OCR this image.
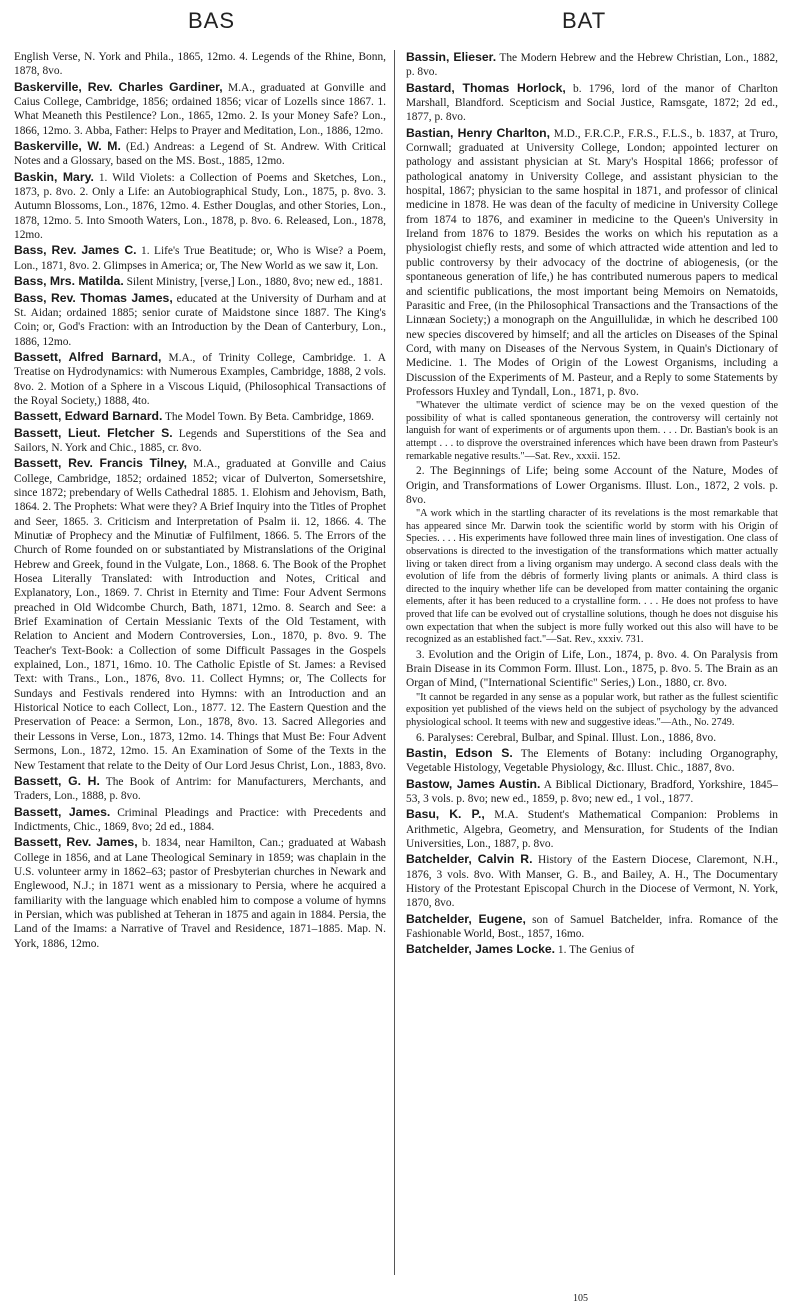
BAS	BAT

English Verse, N. York and Phila., 1865, 12mo. 4. Legends of the Rhine, Bonn, 1878, 8vo.

Baskerville, Rev. Charles Gardiner, M.A., graduated at Gonville and Caius College, Cambridge, 1856; ordained 1856; vicar of Lozells since 1867. 1. What Meaneth this Pestilence? Lon., 1865, 12mo. 2. Is your Money Safe? Lon., 1866, 12mo. 3. Abba, Father: Helps to Prayer and Meditation, Lon., 1886, 12mo.

Baskerville, W. M. (Ed.) Andreas: a Legend of St. Andrew. With Critical Notes and a Glossary, based on the MS. Bost., 1885, 12mo.

Baskin, Mary. 1. Wild Violets: a Collection of Poems and Sketches, Lon., 1873, p. 8vo. 2. Only a Life: an Autobiographical Study, Lon., 1875, p. 8vo. 3. Autumn Blossoms, Lon., 1876, 12mo. 4. Esther Douglas, and other Stories, Lon., 1878, 12mo. 5. Into Smooth Waters, Lon., 1878, p. 8vo. 6. Released, Lon., 1878, 12mo.

Bass, Rev. James C. 1. Life's True Beatitude; or, Who is Wise? a Poem, Lon., 1871, 8vo. 2. Glimpses in America; or, The New World as we saw it, Lon.

Bass, Mrs. Matilda. Silent Ministry, [verse,] Lon., 1880, 8vo; new ed., 1881.

Bass, Rev. Thomas James, educated at the University of Durham and at St. Aidan; ordained 1885; senior curate of Maidstone since 1887. The King's Coin; or, God's Fraction: with an Introduction by the Dean of Canterbury, Lon., 1886, 12mo.

Bassett, Alfred Barnard, M.A., of Trinity College, Cambridge. 1. A Treatise on Hydrodynamics: with Numerous Examples, Cambridge, 1888, 2 vols. 8vo. 2. Motion of a Sphere in a Viscous Liquid, (Philosophical Transactions of the Royal Society,) 1888, 4to.

Bassett, Edward Barnard. The Model Town. By Beta. Cambridge, 1869.

Bassett, Lieut. Fletcher S. Legends and Superstitions of the Sea and Sailors, N. York and Chic., 1885, cr. 8vo.

Bassett, Rev. Francis Tilney, M.A., graduated at Gonville and Caius College, Cambridge, 1852; ordained 1852; vicar of Dulverton, Somersetshire, since 1872; prebendary of Wells Cathedral 1885. 1. Elohism and Jehovism, Bath, 1864. 2. The Prophets: What were they? A Brief Inquiry into the Titles of Prophet and Seer, 1865. 3. Criticism and Interpretation of Psalm ii. 12, 1866. 4. The Minutiæ of Prophecy and the Minutiæ of Fulfilment, 1866. 5. The Errors of the Church of Rome founded on or substantiated by Mistranslations of the Original Hebrew and Greek, found in the Vulgate, Lon., 1868. 6. The Book of the Prophet Hosea Literally Translated: with Introduction and Notes, Critical and Explanatory, Lon., 1869. 7. Christ in Eternity and Time: Four Advent Sermons preached in Old Widcombe Church, Bath, 1871, 12mo. 8. Search and See: a Brief Examination of Certain Messianic Texts of the Old Testament, with Relation to Ancient and Modern Controversies, Lon., 1870, p. 8vo. 9. The Teacher's Text-Book: a Collection of some Difficult Passages in the Gospels explained, Lon., 1871, 16mo. 10. The Catholic Epistle of St. James: a Revised Text: with Trans., Lon., 1876, 8vo. 11. Collect Hymns; or, The Collects for Sundays and Festivals rendered into Hymns: with an Introduction and an Historical Notice to each Collect, Lon., 1877. 12. The Eastern Question and the Preservation of Peace: a Sermon, Lon., 1878, 8vo. 13. Sacred Allegories and their Lessons in Verse, Lon., 1873, 12mo. 14. Things that Must Be: Four Advent Sermons, Lon., 1872, 12mo. 15. An Examination of Some of the Texts in the New Testament that relate to the Deity of Our Lord Jesus Christ, Lon., 1883, 8vo.

Bassett, G. H. The Book of Antrim: for Manufacturers, Merchants, and Traders, Lon., 1888, p. 8vo.

Bassett, James. Criminal Pleadings and Practice: with Precedents and Indictments, Chic., 1869, 8vo; 2d ed., 1884.

Bassett, Rev. James, b. 1834, near Hamilton, Can.; graduated at Wabash College in 1856, and at Lane Theological Seminary in 1859; was chaplain in the U.S. volunteer army in 1862–63; pastor of Presbyterian churches in Newark and Englewood, N.J.; in 1871 went as a missionary to Persia, where he acquired a familiarity with the language which enabled him to compose a volume of hymns in Persian, which was published at Teheran in 1875 and again in 1884. Persia, the Land of the Imams: a Narrative of Travel and Residence, 1871–1885. Map. N. York, 1886, 12mo.

Bassin, Elieser. The Modern Hebrew and the Hebrew Christian, Lon., 1882, p. 8vo.

Bastard, Thomas Horlock, b. 1796, lord of the manor of Charlton Marshall, Blandford. Scepticism and Social Justice, Ramsgate, 1872; 2d ed., 1877, p. 8vo.

Bastian, Henry Charlton, M.D., F.R.C.P., F.R.S., F.L.S., b. 1837, at Truro, Cornwall; graduated at University College, London; appointed lecturer on pathology and assistant physician at St. Mary's Hospital 1866; professor of pathological anatomy in University College, and assistant physician to the hospital, 1867; physician to the same hospital in 1871, and professor of clinical medicine in 1878. He was dean of the faculty of medicine in University College from 1874 to 1876, and examiner in medicine to the Queen's University in Ireland from 1876 to 1879. Besides the works on which his reputation as a physiologist chiefly rests, and some of which attracted wide attention and led to public controversy by their advocacy of the doctrine of abiogenesis, (or the spontaneous generation of life,) he has contributed numerous papers to medical and scientific publications, the most important being Memoirs on Nematoids, Parasitic and Free, (in the Philosophical Transactions and the Transactions of the Linnæan Society;) a monograph on the Anguillulidæ, in which he described 100 new species discovered by himself; and all the articles on Diseases of the Spinal Cord, with many on Diseases of the Nervous System, in Quain's Dictionary of Medicine. 1. The Modes of Origin of the Lowest Organisms, including a Discussion of the Experiments of M. Pasteur, and a Reply to some Statements by Professors Huxley and Tyndall, Lon., 1871, p. 8vo.

"Whatever the ultimate verdict of science may be on the vexed question of the possibility of what is called spontaneous generation, the controversy will certainly not languish for want of experiments or of arguments upon them. . . . Dr. Bastian's book is an attempt . . . to disprove the overstrained inferences which have been drawn from Pasteur's remarkable negative results."—Sat. Rev., xxxii. 152.

2. The Beginnings of Life; being some Account of the Nature, Modes of Origin, and Transformations of Lower Organisms. Illust. Lon., 1872, 2 vols. p. 8vo.

"A work which in the startling character of its revelations is the most remarkable that has appeared since Mr. Darwin took the scientific world by storm with his Origin of Species. . . . His experiments have followed three main lines of investigation. One class of observations is directed to the investigation of the transformations which matter actually living or taken direct from a living organism may undergo. A second class deals with the evolution of life from the débris of formerly living plants or animals. A third class is directed to the inquiry whether life can be developed from matter containing the organic elements, after it has been reduced to a crystalline form. . . . He does not profess to have proved that life can be evolved out of crystalline solutions, though he does not disguise his own expectation that when the subject is more fully worked out this also will have to be recognized as an established fact."—Sat. Rev., xxxiv. 731.

3. Evolution and the Origin of Life, Lon., 1874, p. 8vo. 4. On Paralysis from Brain Disease in its Common Form. Illust. Lon., 1875, p. 8vo. 5. The Brain as an Organ of Mind, ("International Scientific" Series,) Lon., 1880, cr. 8vo.

"It cannot be regarded in any sense as a popular work, but rather as the fullest scientific exposition yet published of the views held on the subject of psychology by the advanced physiological school. It teems with new and suggestive ideas."—Ath., No. 2749.

6. Paralyses: Cerebral, Bulbar, and Spinal. Illust. Lon., 1886, 8vo.

Bastin, Edson S. The Elements of Botany: including Organography, Vegetable Histology, Vegetable Physiology, &c. Illust. Chic., 1887, 8vo.

Bastow, James Austin. A Biblical Dictionary, Bradford, Yorkshire, 1845–53, 3 vols. p. 8vo; new ed., 1859, p. 8vo; new ed., 1 vol., 1877.

Basu, K. P., M.A. Student's Mathematical Companion: Problems in Arithmetic, Algebra, Geometry, and Mensuration, for Students of the Indian Universities, Lon., 1887, p. 8vo.

Batchelder, Calvin R. History of the Eastern Diocese, Claremont, N.H., 1876, 3 vols. 8vo. With Manser, G. B., and Bailey, A. H., The Documentary History of the Protestant Episcopal Church in the Diocese of Vermont, N. York, 1870, 8vo.

Batchelder, Eugene, son of Samuel Batchelder, infra. Romance of the Fashionable World, Bost., 1857, 16mo.

Batchelder, James Locke. 1. The Genius of

105
